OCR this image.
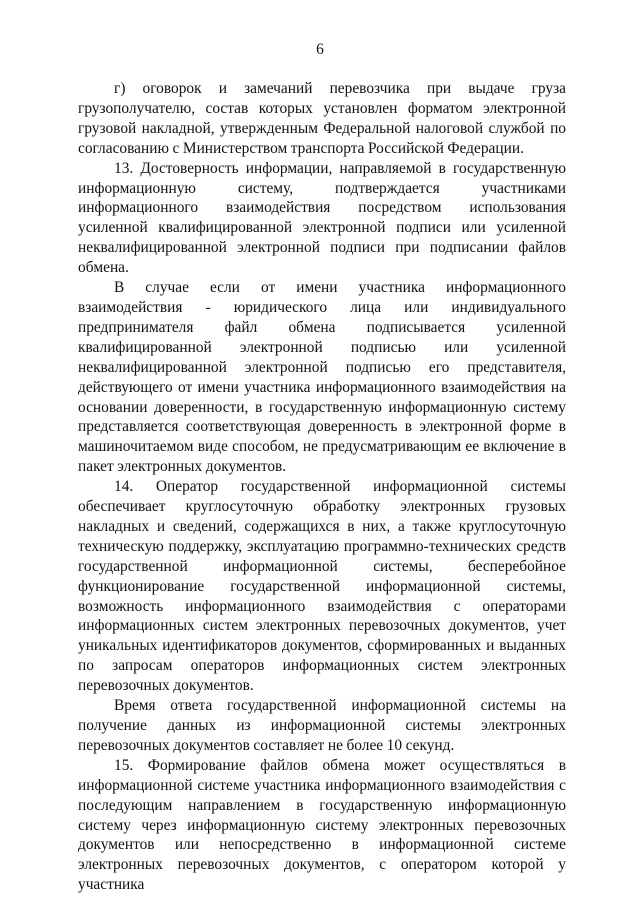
6

г) оговорок и замечаний перевозчика при выдаче груза грузополучателю, состав которых установлен форматом электронной грузовой накладной, утвержденным Федеральной налоговой службой по согласованию с Министерством транспорта Российской Федерации.

13. Достоверность информации, направляемой в государственную информационную систему, подтверждается участниками информационного взаимодействия посредством использования усиленной квалифицированной электронной подписи или усиленной неквалифицированной электронной подписи при подписании файлов обмена.

В случае если от имени участника информационного взаимодействия - юридического лица или индивидуального предпринимателя файл обмена подписывается усиленной квалифицированной электронной подписью или усиленной неквалифицированной электронной подписью его представителя, действующего от имени участника информационного взаимодействия на основании доверенности, в государственную информационную систему представляется соответствующая доверенность в электронной форме в машиночитаемом виде способом, не предусматривающим ее включение в пакет электронных документов.

14. Оператор государственной информационной системы обеспечивает круглосуточную обработку электронных грузовых накладных и сведений, содержащихся в них, а также круглосуточную техническую поддержку, эксплуатацию программно-технических средств государственной информационной системы, бесперебойное функционирование государственной информационной системы, возможность информационного взаимодействия с операторами информационных систем электронных перевозочных документов, учет уникальных идентификаторов документов, сформированных и выданных по запросам операторов информационных систем электронных перевозочных документов.

Время ответа государственной информационной системы на получение данных из информационной системы электронных перевозочных документов составляет не более 10 секунд.

15. Формирование файлов обмена может осуществляться в информационной системе участника информационного взаимодействия с последующим направлением в государственную информационную систему через информационную систему электронных перевозочных документов или непосредственно в информационной системе электронных перевозочных документов, с оператором которой у участника
